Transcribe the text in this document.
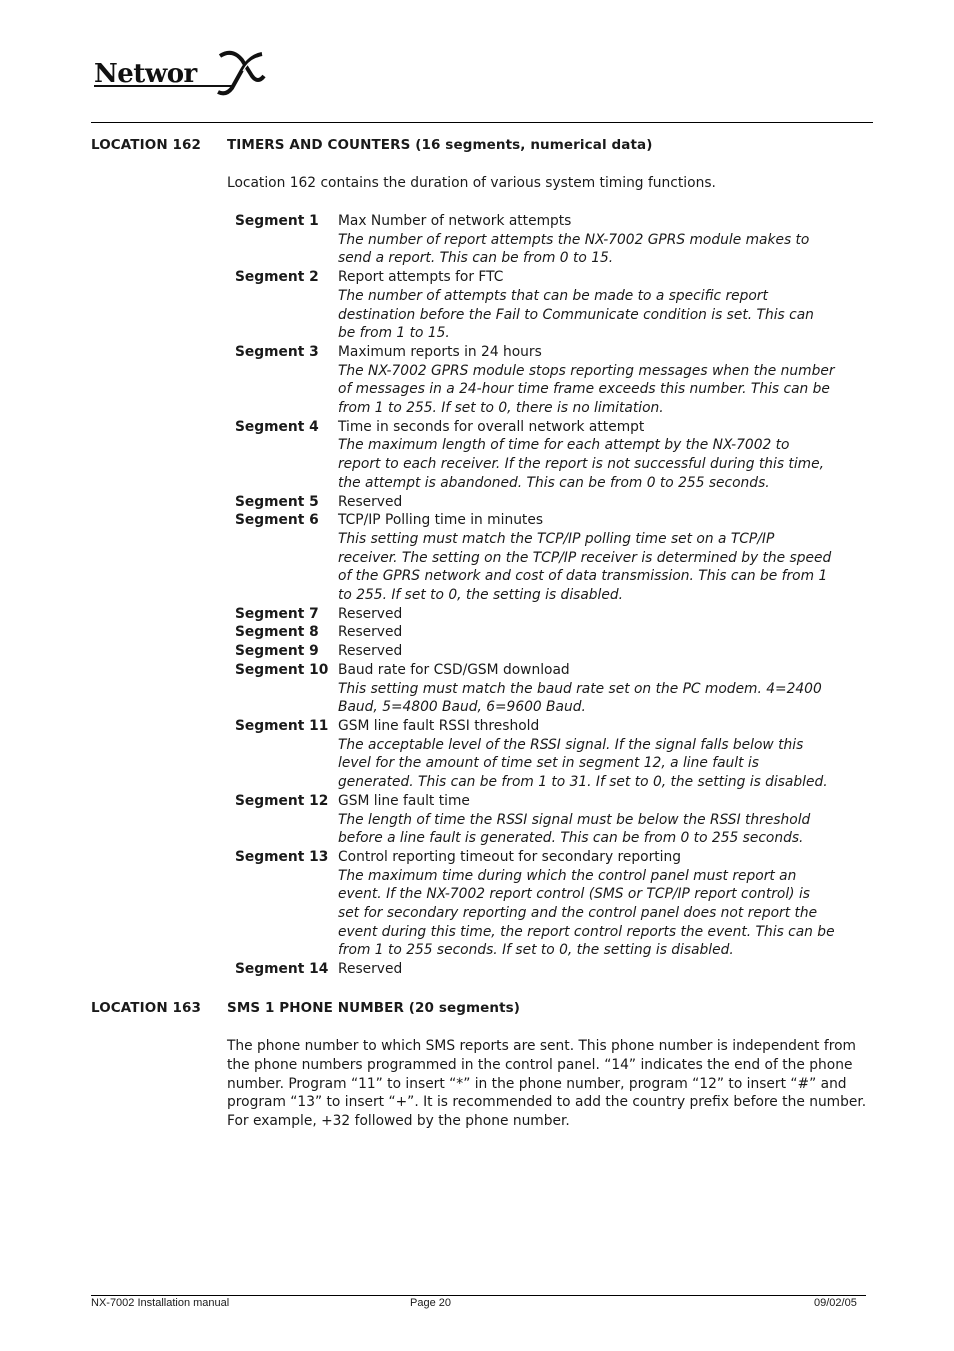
Networ
LOCATION 162 TIMERS AND COUNTERS (16 segments, numerical data)

Location 162 contains the duration of various system timing functions.

Segment 1	Max Number of network attempts
The number of report attempts the NX-7002 GPRS module makes to send a report. This can be from 0 to 15.
Segment 2	Report attempts for FTC
The number of attempts that can be made to a specific report destination before the Fail to Communicate condition is set. This can be from 1 to 15.
Segment 3	Maximum reports in 24 hours
The NX-7002 GPRS module stops reporting messages when the number of messages in a 24-hour time frame exceeds this number. This can be from 1 to 255. If set to 0, there is no limitation.
Segment 4	Time in seconds for overall network attempt
The maximum length of time for each attempt by the NX-7002 to report to each receiver. If the report is not successful during this time, the attempt is abandoned. This can be from 0 to 255 seconds.
Segment 5	Reserved
Segment 6	TCP/IP Polling time in minutes
This setting must match the TCP/IP polling time set on a TCP/IP receiver. The setting on the TCP/IP receiver is determined by the speed of the GPRS network and cost of data transmission. This can be from 1 to 255. If set to 0, the setting is disabled.
Segment 7	Reserved
Segment 8	Reserved
Segment 9	Reserved
Segment 10 Baud rate for CSD/GSM download
This setting must match the baud rate set on the PC modem. 4=2400 Baud, 5=4800 Baud, 6=9600 Baud.
Segment 11 GSM line fault RSSI threshold
The acceptable level of the RSSI signal. If the signal falls below this level for the amount of time set in segment 12, a line fault is generated. This can be from 1 to 31. If set to 0, the setting is disabled.
Segment 12 GSM line fault time
The length of time the RSSI signal must be below the RSSI threshold before a line fault is generated. This can be from 0 to 255 seconds.
Segment 13 Control reporting timeout for secondary reporting
The maximum time during which the control panel must report an event. If the NX-7002 report control (SMS or TCP/IP report control) is set for secondary reporting and the control panel does not report the event during this time, the report control reports the event. This can be from 1 to 255 seconds. If set to 0, the setting is disabled.
Segment 14 Reserved
LOCATION 163 SMS 1 PHONE NUMBER (20 segments)

The phone number to which SMS reports are sent. This phone number is independent from the phone numbers programmed in the control panel. “14” indicates the end of the phone number. Program “11” to insert “*” in the phone number, program “12” to insert “#” and program “13” to insert “+”. It is recommended to add the country prefix before the number. For example, +32 followed by the phone number.

NX-7002 Installation manual	Page 20	09/02/05
